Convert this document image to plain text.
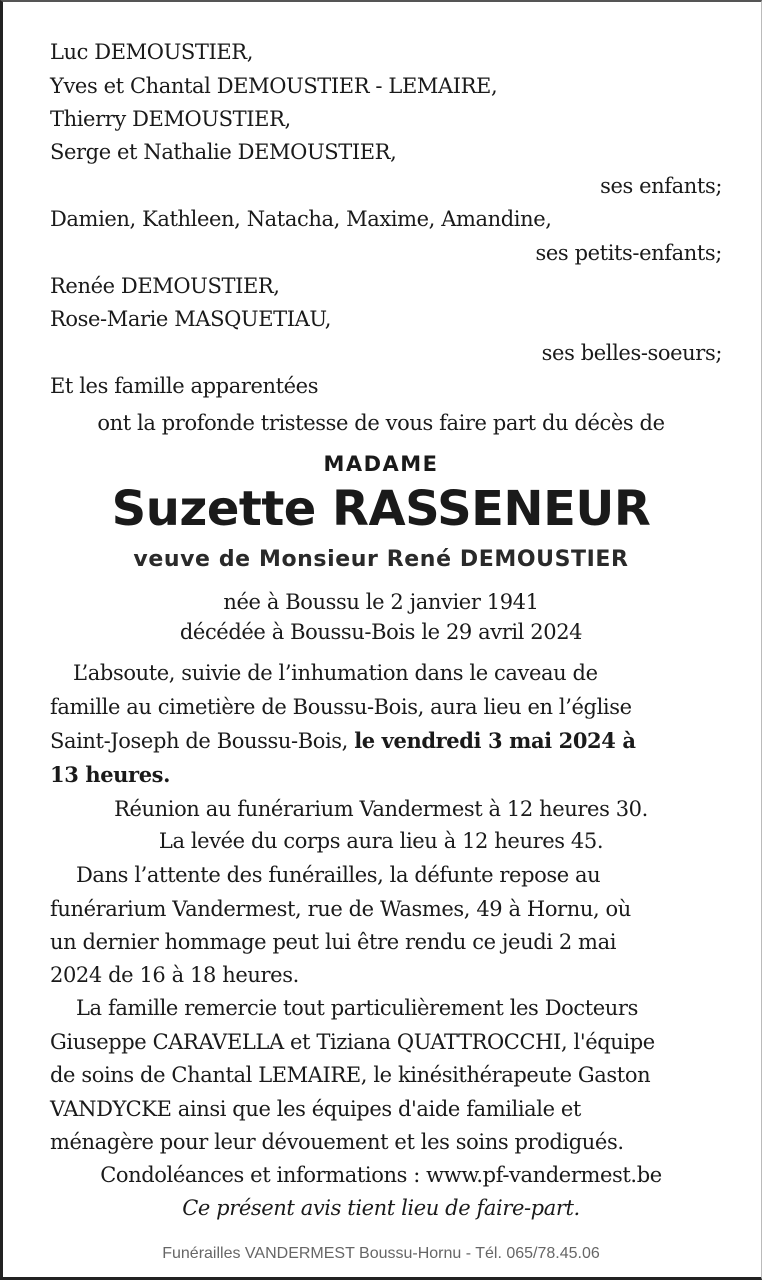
Luc DEMOUSTIER,
Yves et Chantal DEMOUSTIER - LEMAIRE,
Thierry DEMOUSTIER,
Serge et Nathalie DEMOUSTIER,
ses enfants;
Damien, Kathleen, Natacha, Maxime, Amandine,
ses petits-enfants;
Renée DEMOUSTIER,
Rose-Marie MASQUETIAU,
ses belles-soeurs;
Et les famille apparentées
ont la profonde tristesse de vous faire part du décès de
MADAME
Suzette RASSENEUR
veuve de Monsieur René DEMOUSTIER
née à Boussu le 2 janvier 1941
décédée à Boussu-Bois le 29 avril 2024
L’absoute, suivie de l’inhumation dans le caveau de
famille au cimetière de Boussu-Bois, aura lieu en l’église
Saint-Joseph de Boussu-Bois, le vendredi 3 mai 2024 à
13 heures.
Réunion au funérarium Vandermest à 12 heures 30.
La levée du corps aura lieu à 12 heures 45.
Dans l’attente des funérailles, la défunte repose au
funérarium Vandermest, rue de Wasmes, 49 à Hornu, où
un dernier hommage peut lui être rendu ce jeudi 2 mai
2024 de 16 à 18 heures.
La famille remercie tout particulièrement les Docteurs
Giuseppe CARAVELLA et Tiziana QUATTROCCHI, l'équipe
de soins de Chantal LEMAIRE, le kinésithérapeute Gaston
VANDYCKE ainsi que les équipes d'aide familiale et
ménagère pour leur dévouement et les soins prodigués.
Condoléances et informations : www.pf-vandermest.be
Ce présent avis tient lieu de faire-part.
Funérailles VANDERMEST Boussu-Hornu - Tél. 065/78.45.06
